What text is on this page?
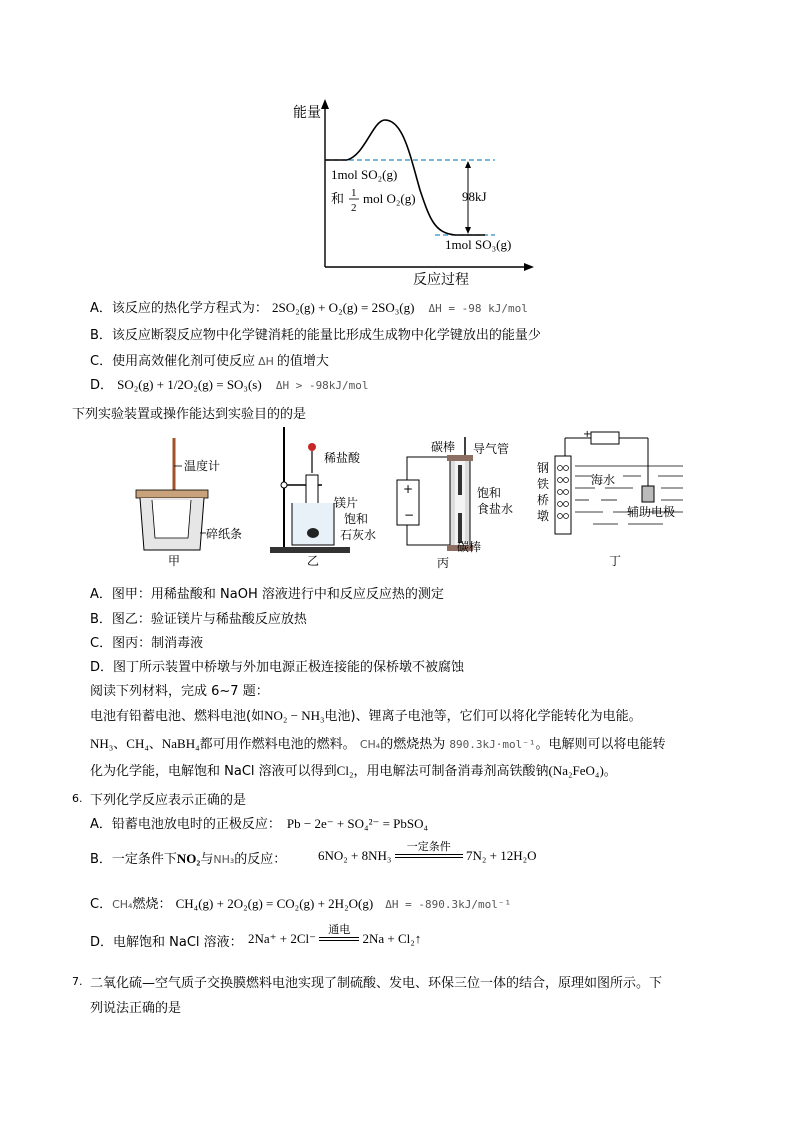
能量
1mol SO₂(g)
和 1
2
mol O₂(g)	98kJ
1mol SO₃(g)
反应过程
A．该反应的热化学方程式为： 2SO₂(g) + O₂(g) = 2SO₃(g) ΔH = -98 kJ/mol
B．该反应断裂反应物中化学键消耗的能量比形成生成物中化学键放出的能量少
C．使用高效催化剂可使反应 ΔH 的值增大
D． SO₂(g) + 1/2O₂(g) = SO₃(s) ΔH > -98kJ/mol
下列实验装置或操作能达到实验目的的是
温度计
碎纸条
甲
稀盐酸
镁片
饱和
石灰水
乙
+
−
碳棒 导气管
饱和
食盐水
碳棒
丙
+
钢
铁
桥
墩
海水
辅助电极
丁
A．图甲：用稀盐酸和 NaOH 溶液进行中和反应反应热的测定
B．图乙：验证镁片与稀盐酸反应放热
C．图丙：制消毒液
D．图丁所示装置中桥墩与外加电源正极连接能的保桥墩不被腐蚀
阅读下列材料，完成 6~7 题：
电池有铅蓄电池、燃料电池(如NO₂ − NH₃电池)、锂离子电池等，它们可以将化学能转化为电能。
NH₃、CH₄、NaBH₄都可用作燃料电池的燃料。 CH₄的燃烧热为 890.3kJ·mol⁻¹。电解则可以将电能转
化为化学能，电解饱和 NaCl 溶液可以得到Cl₂，用电解法可制备消毒剂高铁酸钠(Na₂FeO₄)。
6. 下列化学反应表示正确的是
A．铅蓄电池放电时的正极反应： Pb − 2e⁻ + SO₄²⁻ = PbSO₄
B．一定条件下NO₂与NH₃的反应： 6NO₂ + 8NH₃
一定条件
7N₂ + 12H₂O
C．CH₄燃烧： CH₄(g) + 2O₂(g) = CO₂(g) + 2H₂O(g) ΔH = -890.3kJ/mol⁻¹
D．电解饱和 NaCl 溶液： 2Na⁺ + 2Cl⁻
通电
2Na + Cl₂↑
7. 二氧化硫—空气质子交换膜燃料电池实现了制硫酸、发电、环保三位一体的结合，原理如图所示。下
列说法正确的是
